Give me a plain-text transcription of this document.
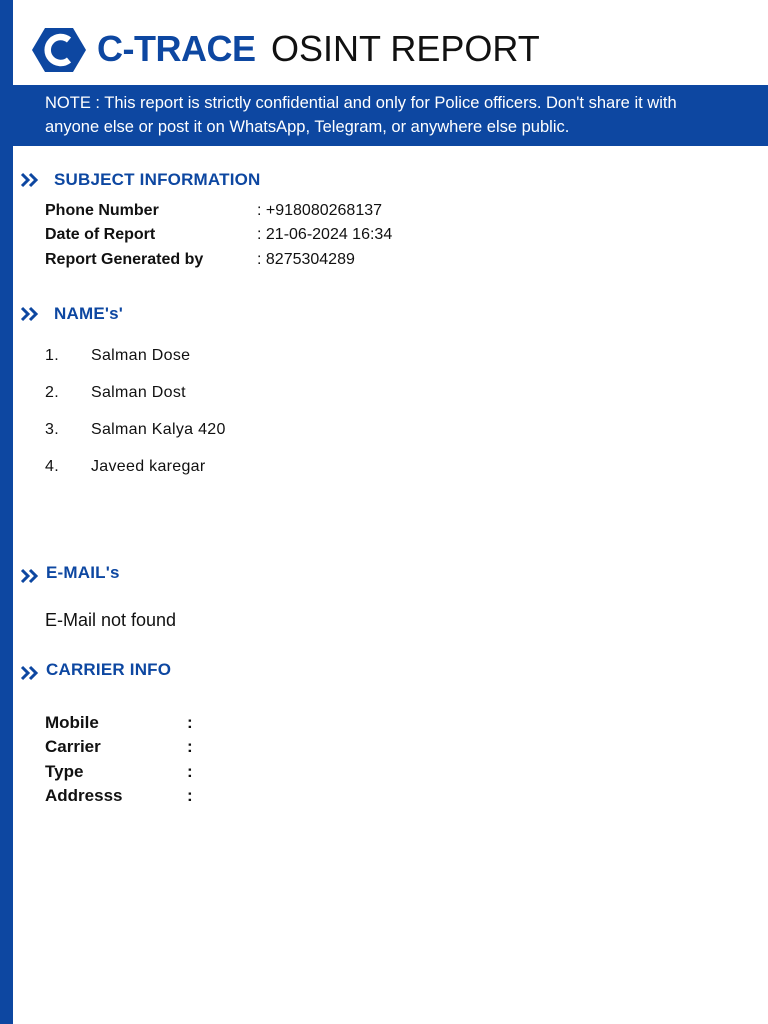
C-TRACE OSINT REPORT
NOTE : This report is strictly confidential and only for Police officers. Don't share it with anyone else or post it on WhatsApp, Telegram, or anywhere else public.
SUBJECT INFORMATION
Phone Number	: +918080268137
Date of Report	: 21-06-2024 16:34
Report Generated by	: 8275304289
NAME's'
1.	Salman Dose
2.	Salman Dost
3.	Salman Kalya 420
4.	Javeed karegar
E-MAIL's
E-Mail not found
CARRIER INFO
Mobile	:
Carrier	:
Type	:
Addresss	:
